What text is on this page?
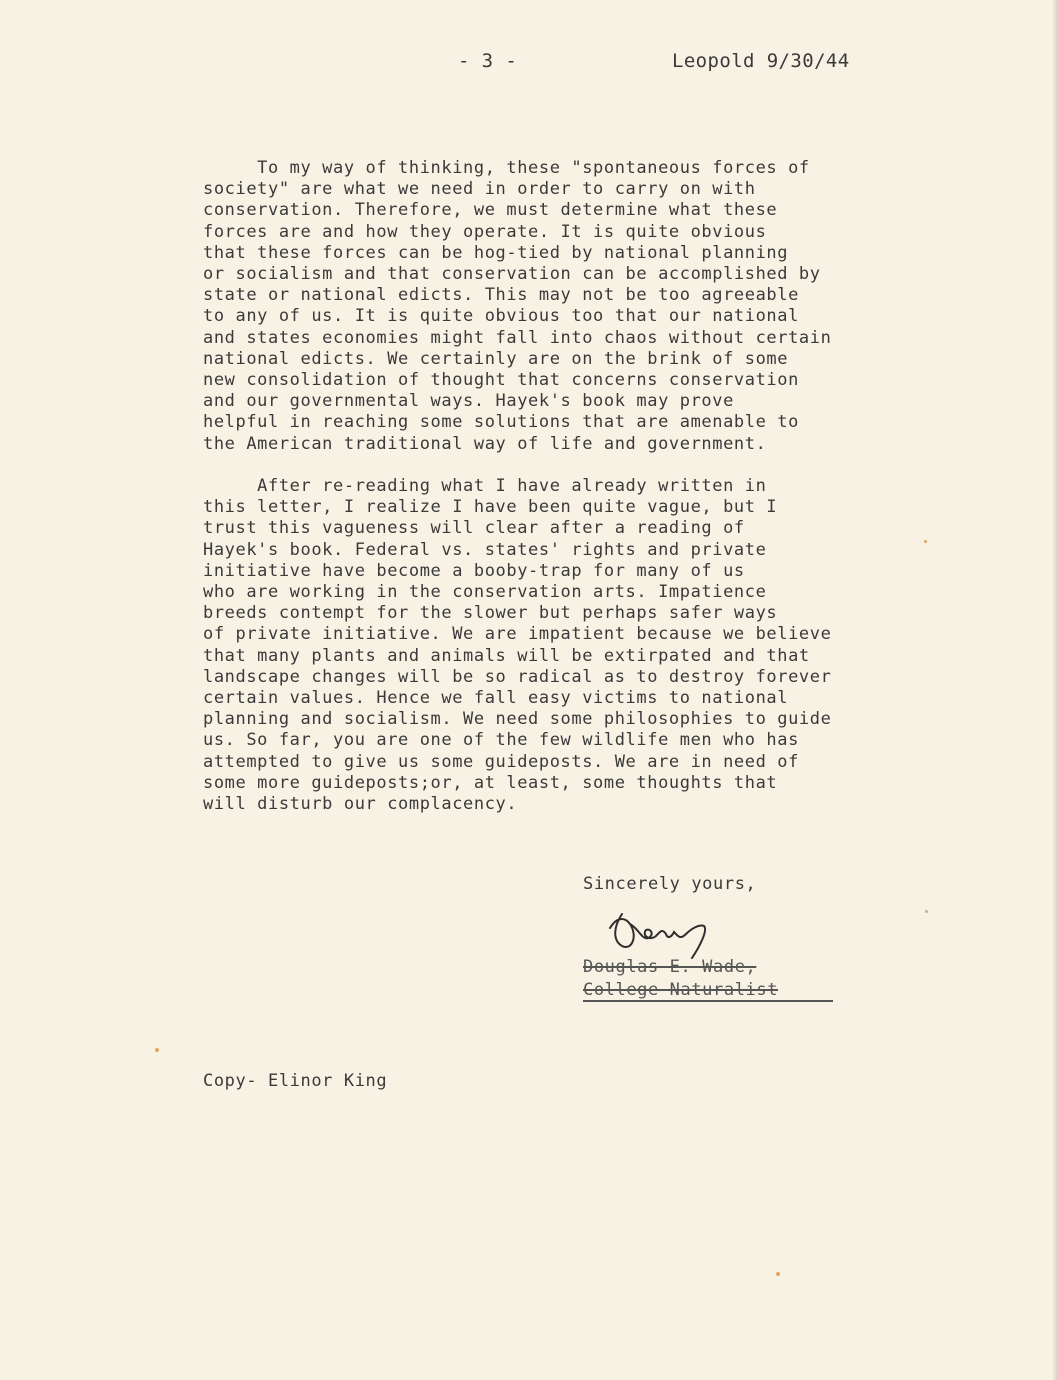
- 3 -	Leopold 9/30/44
To my way of thinking, these "spontaneous forces of
society" are what we need in order to carry on with
conservation. Therefore, we must determine what these
forces are and how they operate. It is quite obvious
that these forces can be hog-tied by national planning
or socialism and that conservation can be accomplished by
state or national edicts. This may not be too agreeable
to any of us. It is quite obvious too that our national
and states economies might fall into chaos without certain
national edicts. We certainly are on the brink of some
new consolidation of thought that concerns conservation
and our governmental ways. Hayek's book may prove
helpful in reaching some solutions that are amenable to
the American traditional way of life and government.
After re-reading what I have already written in
this letter, I realize I have been quite vague, but I
trust this vagueness will clear after a reading of
Hayek's book. Federal vs. states' rights and private
initiative have become a booby-trap for many of us
who are working in the conservation arts. Impatience
breeds contempt for the slower but perhaps safer ways
of private initiative. We are impatient because we believe
that many plants and animals will be extirpated and that
landscape changes will be so radical as to destroy forever
certain values. Hence we fall easy victims to national
planning and socialism. We need some philosophies to guide
us. So far, you are one of the few wildlife men who has
attempted to give us some guideposts. We are in need of
some more guideposts;or, at least, some thoughts that
will disturb our complacency.
Sincerely yours,
Douglas E. Wade,
College Naturalist
Copy- Elinor King
